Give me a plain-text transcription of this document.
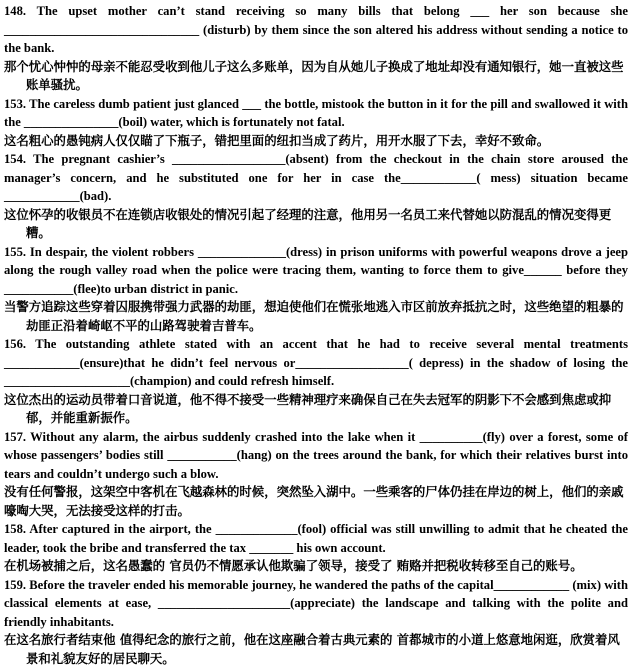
148. The upset mother can’t stand receiving so many bills that belong ___ her son because she _______________________________ (disturb) by them since the son altered his address without sending a notice to the bank.
那个忧心忡忡的母亲不能忍受收到他儿子这么多账单，因为自从她儿子换成了地址却没有通知银行，她一直被这些账单骚扰。
153. The careless dumb patient just glanced ___ the bottle, mistook the button in it for the pill and swallowed it with the _______________(boil) water, which is fortunately not fatal.
这名粗心的愚钝病人仅仅瞄了下瓶子，错把里面的纽扣当成了药片，用开水服了下去，幸好不致命。
154. The pregnant cashier’s __________________(absent) from the checkout in the chain store aroused the manager’s concern, and he substituted one for her in case the____________( mess) situation became ____________(bad).
这位怀孕的收银员不在连锁店收银处的情况引起了经理的注意，他用另一名员工来代替她以防混乱的情况变得更糟。
155. In despair, the violent robbers ______________(dress) in prison uniforms with powerful weapons drove a jeep along the rough valley road when the police were tracing them, wanting to force them to give______ before they ___________(flee)to urban district in panic.
当警方追踪这些穿着囚服携带强力武器的劫匪，想迫使他们在慌张地逃入市区前放弃抵抗之时，这些绝望的粗暴的劫匪正沿着崎岖不平的山路驾驶着吉普车。
156. The outstanding athlete stated with an accent that he had to receive several mental treatments ____________(ensure)that he didn’t feel nervous or__________________( depress) in the shadow of losing the ____________________(champion) and could refresh himself.
这位杰出的运动员带着口音说道，他不得不接受一些精神理疗来确保自己在失去冠军的阴影下不会感到焦虑或抑郁，并能重新振作。
157. Without any alarm, the airbus suddenly crashed into the lake when it __________(fly) over a forest, some of whose passengers’ bodies still ___________(hang) on the trees around the bank, for which their relatives burst into tears and couldn’t undergo such a blow.
没有任何警报，这架空中客机在飞越森林的时候，突然坠入湖中。一些乘客的尸体仍挂在岸边的树上，他们的亲戚嚎啕大哭，无法接受这样的打击。
158. After captured in the airport, the _____________(fool) official was still unwilling to admit that he cheated the leader, took the bribe and transferred the tax _______ his own account.
在机场被捕之后，这名愚蠢的 官员仍不情愿承认他欺骗了领导，接受了 贿赂并把税收转移至自己的账号。
159. Before the traveler ended his memorable journey, he wandered the paths of the capital____________ (mix) with classical elements at ease, _____________________(appreciate) the landscape and talking with the polite and friendly inhabitants.
在这名旅行者结束他 值得纪念的旅行之前，他在这座融合着古典元素的 首都城市的小道上悠意地闲逛，欣赏着风景和礼貌友好的居民聊天。
